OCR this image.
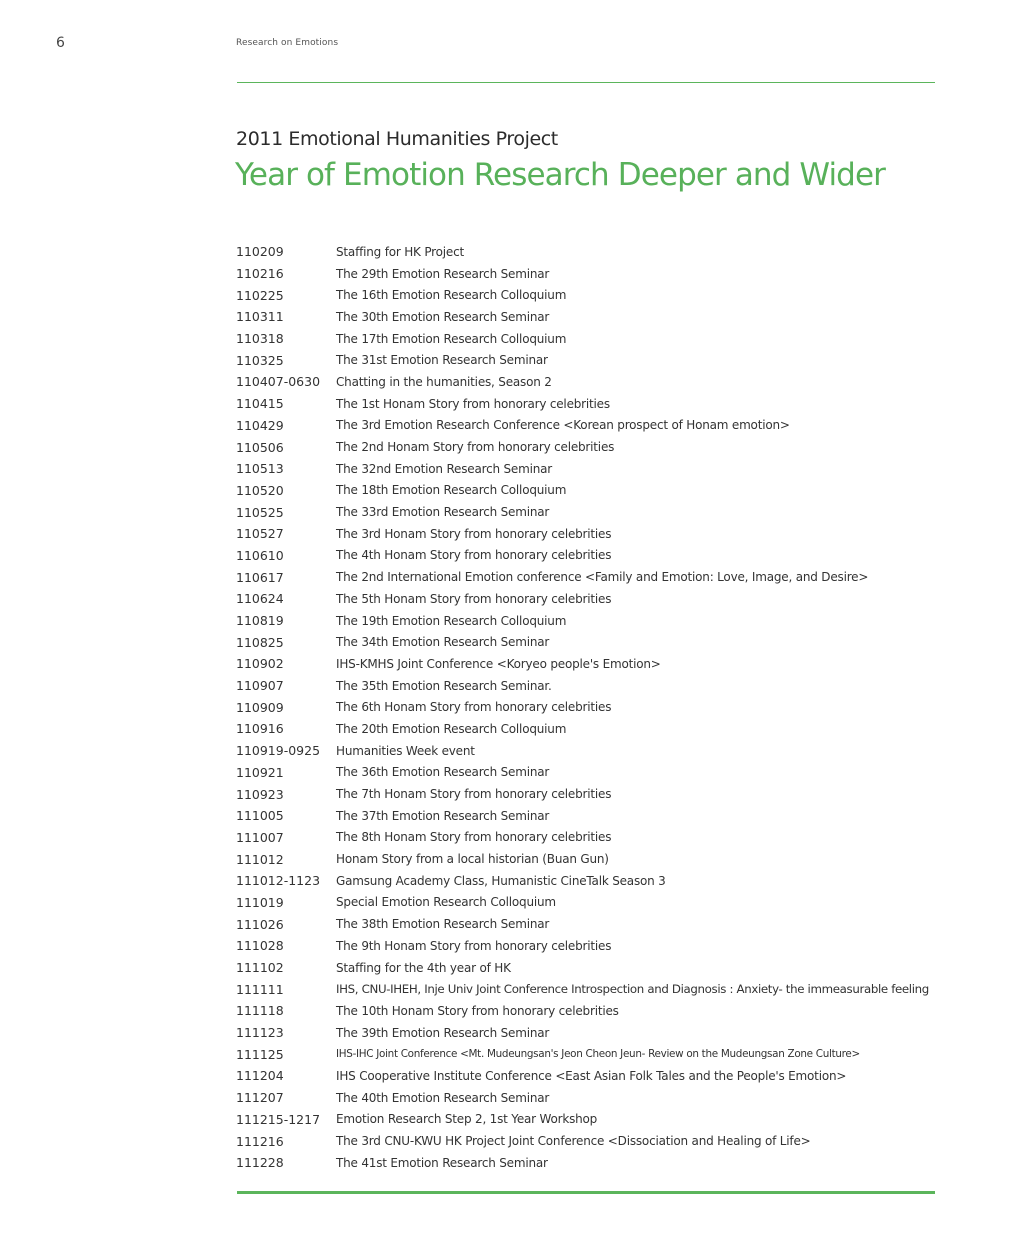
6	Research on Emotions
2011 Emotional Humanities Project
Year of Emotion Research Deeper and Wider
110209	Staffing for HK Project
110216	The 29th Emotion Research Seminar
110225	The 16th Emotion Research Colloquium
110311	The 30th Emotion Research Seminar
110318	The 17th Emotion Research Colloquium
110325	The 31st Emotion Research Seminar
110407-0630	Chatting in the humanities, Season 2
110415	The 1st Honam Story from honorary celebrities
110429	The 3rd Emotion Research Conference <Korean prospect of Honam emotion>
110506	The 2nd Honam Story from honorary celebrities
110513	The 32nd Emotion Research Seminar
110520	The 18th Emotion Research Colloquium
110525	The 33rd Emotion Research Seminar
110527	The 3rd Honam Story from honorary celebrities
110610	The 4th Honam Story from honorary celebrities
110617	The 2nd International Emotion conference <Family and Emotion: Love, Image, and Desire>
110624	The 5th Honam Story from honorary celebrities
110819	The 19th Emotion Research Colloquium
110825	The 34th Emotion Research Seminar
110902	IHS-KMHS Joint Conference <Koryeo people's Emotion>
110907	The 35th Emotion Research Seminar.
110909	The 6th Honam Story from honorary celebrities
110916	The 20th Emotion Research Colloquium
110919-0925	Humanities Week event
110921	The 36th Emotion Research Seminar
110923	The 7th Honam Story from honorary celebrities
111005	The 37th Emotion Research Seminar
111007	The 8th Honam Story from honorary celebrities
111012	Honam Story from a local historian (Buan Gun)
111012-1123	Gamsung Academy Class, Humanistic CineTalk Season 3
111019	Special Emotion Research Colloquium
111026	The 38th Emotion Research Seminar
111028	The 9th Honam Story from honorary celebrities
111102	Staffing for the 4th year of HK
111111	IHS, CNU-IHEH, Inje Univ Joint Conference Introspection and Diagnosis : Anxiety- the immeasurable feeling
111118	The 10th Honam Story from honorary celebrities
111123	The 39th Emotion Research Seminar
111125	IHS-IHC Joint Conference <Mt. Mudeungsan's Jeon Cheon Jeun- Review on the Mudeungsan Zone Culture>
111204	IHS Cooperative Institute Conference <East Asian Folk Tales and the People's Emotion>
111207	The 40th Emotion Research Seminar
111215-1217	Emotion Research Step 2, 1st Year Workshop
111216	The 3rd CNU-KWU HK Project Joint Conference <Dissociation and Healing of Life>
111228	The 41st Emotion Research Seminar
